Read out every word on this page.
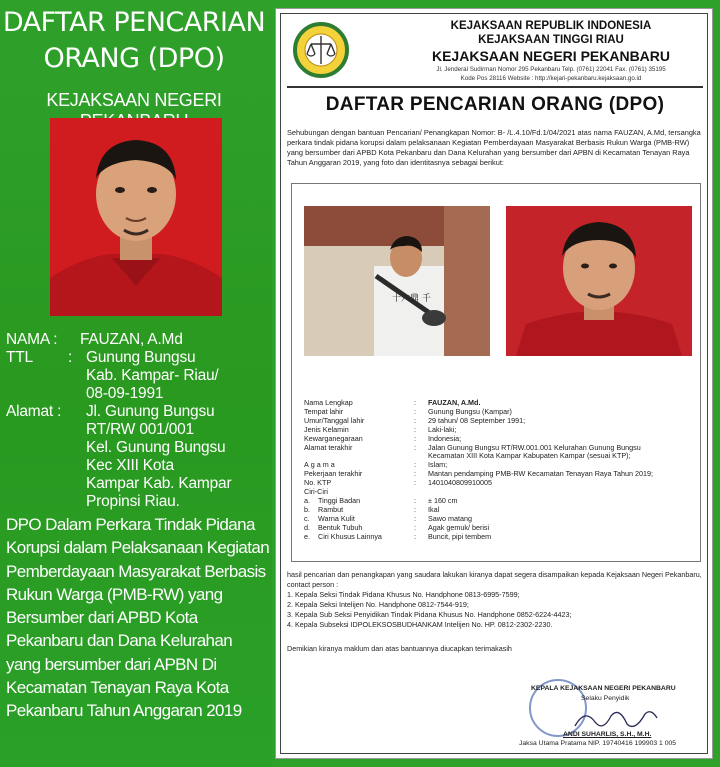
DAFTAR PENCARIAN
ORANG (DPO)
KEJAKSAAN NEGERI
NAMA : FAUZAN, A.Md
TTL : Gunung Bungsu
Kab. Kampar- Riau/
08-09-1991
Alamat : Jl. Gunung Bungsu
RT/RW 001/001
Kel. Gunung Bungsu
Kec XIII Kota
Kampar Kab. Kampar
Propinsi Riau.
DPO Dalam Perkara Tindak Pidana Korupsi dalam Pelaksanaan Kegiatan Pemberdayaan Masyarakat Berbasis Rukun Warga (PMB-RW) yang Bersumber dari APBD Kota Pekanbaru dan Dana Kelurahan yang bersumber dari APBN Di Kecamatan Tenayan Raya Kota Pekanbaru Tahun Anggaran 2019
KEJAKSAAN REPUBLIK INDONESIA
KEJAKSAAN TINGGI RIAU
KEJAKSAAN NEGERI PEKANBARU
Jl. Jenderal Sudirman Nomor 295 Pekanbaru Telp. (0761) 22041 Fax. (0761) 35195
Kode Pos 28116 Website : http://kejari-pekanbaru.kejaksaan.go.id
DAFTAR PENCARIAN ORANG (DPO)
Sehubungan dengan bantuan Pencarian/ Penangkapan Nomor: B- /L.4.10/Fd.1/04/2021 atas nama FAUZAN, A.Md, tersangka perkara tindak pidana korupsi dalam pelaksanaan Kegiatan Pemberdayaan Masyarakat Berbasis Rukun Warga (PMB-RW) yang bersumber dari APBD Kota Pekanbaru dan Dana Kelurahan yang bersumber dari APBN di Kecamatan Tenayan Raya Tahun Anggaran 2019, yang foto dan identitasnya sebagai berikut:
十六鼎 千
Nama Lengkap	:	FAUZAN, A.Md.
Tempat lahir	:	Gunung Bungsu (Kampar)
Umur/Tanggal lahir	:	29 tahun/ 08 September 1991;
Jenis Kelamin	:	Laki-laki;
Kewarganegaraan	:	Indonesia;
Alamat terakhir	:	Jalan Gunung Bungsu RT/RW.001.001 Kelurahan Gunung Bungsu
Kecamatan XIII Kota Kampar Kabupaten Kampar (sesuai KTP);
Agama	:	Islam;
Pekerjaan terakhir	:	Mantan pendamping PMB-RW Kecamatan Tenayan Raya Tahun 2019;
No. KTP	:	1401040809910005
Ciri-Ciri
a.	Tinggi Badan	:	± 160 cm
b.	Rambut	:	Ikal
c.	Warna Kulit	:	Sawo matang
d.	Bentuk Tubuh	:	Agak gemuk/ berisi
e.	Ciri Khusus Lainnya	:	Buncit, pipi tembem
hasil pencarian dan penangkapan yang saudara lakukan kiranya dapat segera disampaikan kepada Kejaksaan Negeri Pekanbaru, contact person :
1. Kepala Seksi Tindak Pidana Khusus No. Handphone 0813-6995-7599;
2. Kepala Seksi Intelijen No. Handphone 0812-7544-919;
3. Kepala Sub Seksi Penyidikan Tindak Pidana Khusus No. Handphone 0852-6224-4423;
4. Kepala Subseksi IDPOLEKSOSBUDHANKAM Intelijen No. HP. 0812-2302-2230.
Demikian kiranya maklum dan atas bantuannya diucapkan terimakasih
KEPALA KEJAKSAAN NEGERI PEKANBARU
Selaku Penyidik
ANDI SUHARLIS, S.H., M.H.
Jaksa Utama Pratama NIP. 19740416 199903 1 005
